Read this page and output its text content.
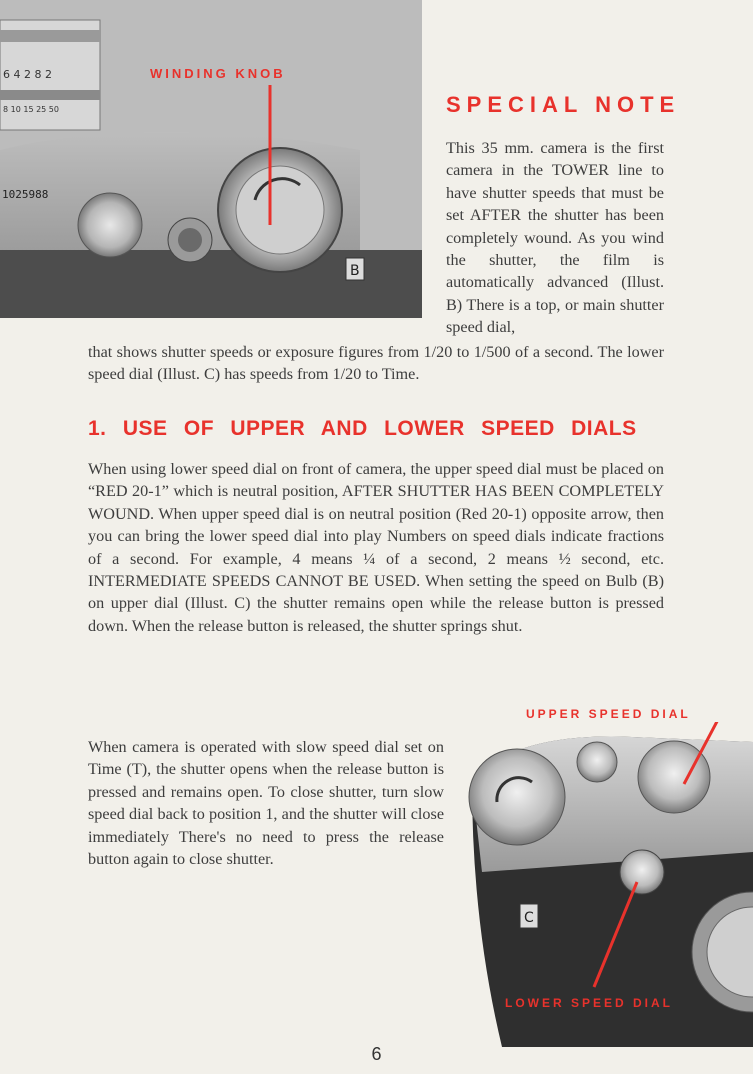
6 4 2 8 2
8 10 15 25 50
1025988
B
WINDING KNOB
SPECIAL NOTE
This 35 mm. camera is the first camera in the TOWER line to have shutter speeds that must be set AFTER the shutter has been completely wound. As you wind the shutter, the film is automatically advanced (Illust. B) There is a top, or main shutter speed dial,
that shows shutter speeds or exposure figures from 1/20 to 1/500 of a second. The lower speed dial (Illust. C) has speeds from 1/20 to Time.
1. USE OF UPPER AND LOWER SPEED DIALS
When using lower speed dial on front of camera, the upper speed dial must be placed on “RED 20-1” which is neutral position, AFTER SHUTTER HAS BEEN COMPLETELY WOUND. When upper speed dial is on neutral position (Red 20-1) opposite arrow, then you can bring the lower speed dial into play Numbers on speed dials indicate fractions of a second. For example, 4 means ¼ of a second, 2 means ½ second, etc. INTERMEDIATE SPEEDS CANNOT BE USED. When setting the speed on Bulb (B) on upper dial (Illust. C) the shutter remains open while the release button is pressed down. When the release button is released, the shutter springs shut.
When camera is operated with slow speed dial set on Time (T), the shutter opens when the release button is pressed and remains open. To close shutter, turn slow speed dial back to position 1, and the shutter will close immediately There's no need to press the release button again to close shutter.
C
UPPER SPEED DIAL
LOWER SPEED DIAL
6
